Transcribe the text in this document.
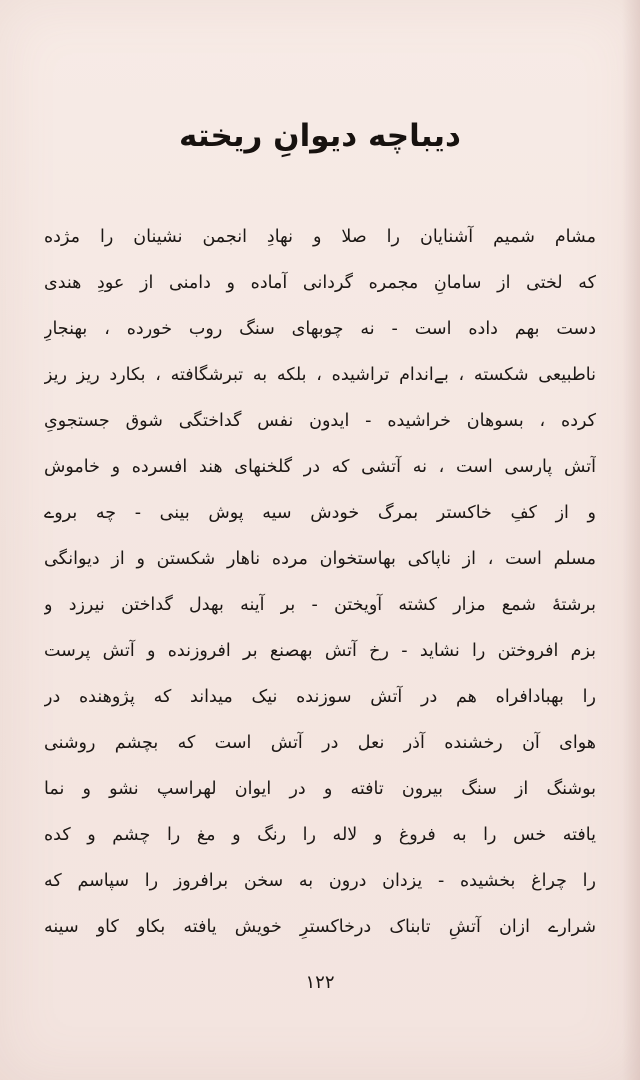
دیباچه دیوانِ ریخته
مشام شمیم آشنایان را صلا و نهادِ انجمن نشینان را مژده
که لختی از سامانِ مجمره گردانی آماده و دامنی از عودِ هندی
دست بهم داده است - نه چوبهای سنگ روب خورده ، بهنجارِ
ناطبیعی شکسته ، بےاندام تراشیده ، بلکه به تبرشگافته ، بکارد ریز ریز
کرده ، بسوهان خراشیده - ایدون نفس گداختگی شوق جستجویِ
آتش پارسی است ، نه آتشی که در گلخنهای هند افسرده و خاموش
و از کفِ خاکستر بمرگ خودش سیه پوش بینی - چه بروے
مسلم است ، از ناپاکی بهاستخوان مرده ناهار شکستن و از دیوانگی
برشتهٔ شمع مزار کشته آویختن - بر آینه بهدل گداختن نیرزد و
بزم افروختن را نشاید - رخ آتش بهصنع بر افروزنده و آتش پرست
را بهبادافراه هم در آتش سوزنده نیک میداند که پژوهنده در
هوای آن رخشنده آذر نعل در آتش است که بچشم روشنی
بوشنگ از سنگ بیرون تافته و در ایوان لهراسپ نشو و نما
یافته خس را به فروغ و لاله را رنگ و مغ را چشم و کده
را چراغ بخشیده - یزدان درون به سخن برافروز را سپاسم که
شرارے ازان آتشِ تابناک درخاکسترِ خویش یافته بکاو کاو سینه
۱۲۲
